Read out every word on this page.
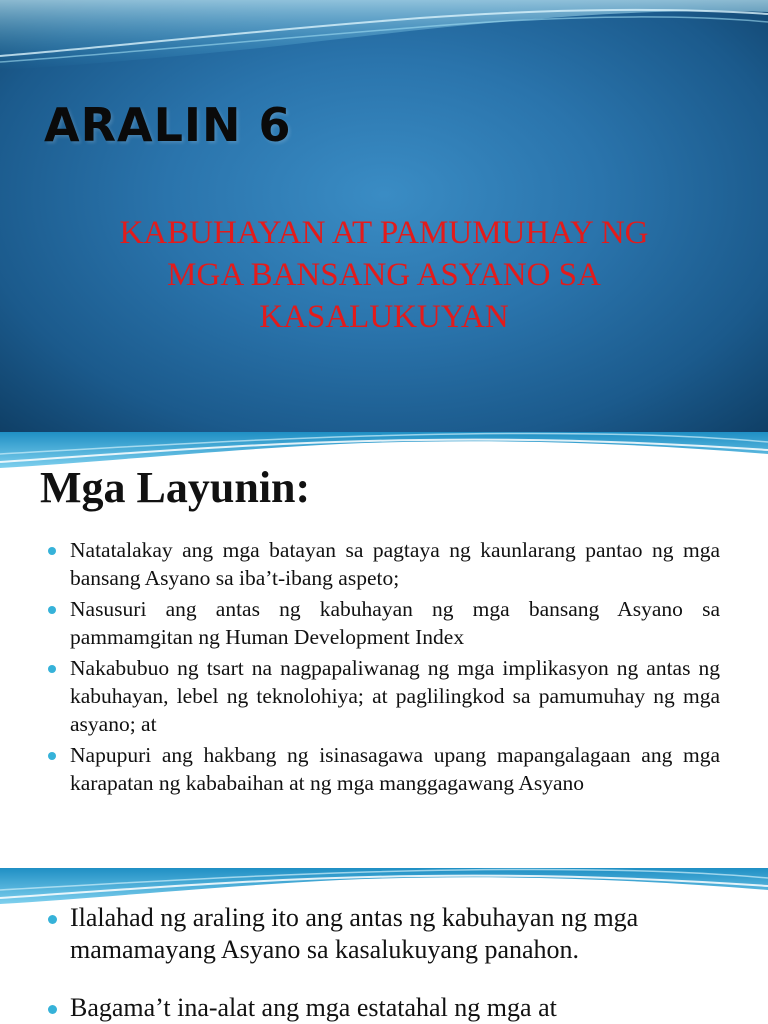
ARALIN 6
KABUHAYAN AT PAMUMUHAY NG
MGA BANSANG ASYANO SA
KASALUKUYAN
Mga Layunin:
Natatalakay ang mga batayan sa pagtaya ng kaunlarang pantao ng mga bansang Asyano sa iba’t-ibang aspeto;
Nasusuri ang antas ng kabuhayan ng mga bansang Asyano sa pammamgitan ng Human Development Index
Nakabubuo ng tsart na nagpapaliwanag ng mga implikasyon ng antas ng kabuhayan, lebel ng teknolohiya; at paglilingkod sa pamumuhay ng mga asyano; at
Napupuri ang hakbang ng isinasagawa upang mapangalagaan ang mga karapatan ng kababaihan at ng mga manggagawang Asyano
Ilalahad ng araling ito ang antas ng kabuhayan ng mga mamamayang Asyano sa kasalukuyang panahon.
Bagama’t ina-alat ang mga estatahal ng mga at
